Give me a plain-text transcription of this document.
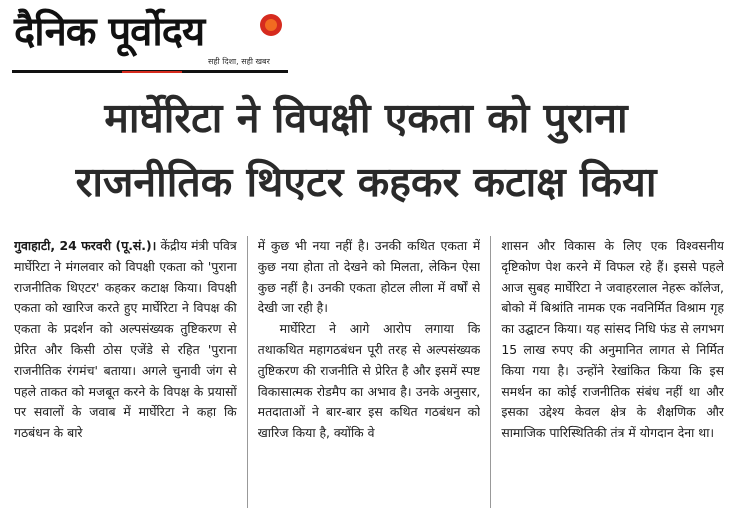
दैनिक पूर्वोदय
सही दिशा, सही खबर
मार्घेरिटा ने विपक्षी एकता को पुराना
राजनीतिक थिएटर कहकर कटाक्ष किया

गुवाहाटी, 24 फरवरी (पू.सं.)। केंद्रीय मंत्री पवित्र मार्घेरिटा ने मंगलवार को विपक्षी एकता को 'पुराना राजनीतिक थिएटर' कहकर कटाक्ष किया। विपक्षी एकता को खारिज करते हुए मार्घेरिटा ने विपक्ष की एकता के प्रदर्शन को अल्पसंख्यक तुष्टिकरण से प्रेरित और किसी ठोस एजेंडे से रहित 'पुराना राजनीतिक रंगमंच' बताया। अगले चुनावी जंग से पहले ताकत को मजबूत करने के विपक्ष के प्रयासों पर सवालों के जवाब में मार्घेरिटा ने कहा कि गठबंधन के बारे

में कुछ भी नया नहीं है। उनकी कथित एकता में कुछ नया होता तो देखने को मिलता, लेकिन ऐसा कुछ नहीं है। उनकी एकता होटल लीला में वर्षों से देखी जा रही है।

मार्घेरिटा ने आगे आरोप लगाया कि तथाकथित महागठबंधन पूरी तरह से अल्पसंख्यक तुष्टिकरण की राजनीति से प्रेरित है और इसमें स्पष्ट विकासात्मक रोडमैप का अभाव है। उनके अनुसार, मतदाताओं ने बार-बार इस कथित गठबंधन को खारिज किया है, क्योंकि वे

शासन और विकास के लिए एक विश्वसनीय दृष्टिकोण पेश करने में विफल रहे हैं। इससे पहले आज सुबह मार्घेरिटा ने जवाहरलाल नेहरू कॉलेज, बोको में बिश्रांति नामक एक नवनिर्मित विश्राम गृह का उद्घाटन किया। यह सांसद निधि फंड से लगभग 15 लाख रुपए की अनुमानित लागत से निर्मित किया गया है। उन्होंने रेखांकित किया कि इस समर्थन का कोई राजनीतिक संबंध नहीं था और इसका उद्देश्य केवल क्षेत्र के शैक्षणिक और सामाजिक पारिस्थितिकी तंत्र में योगदान देना था।
